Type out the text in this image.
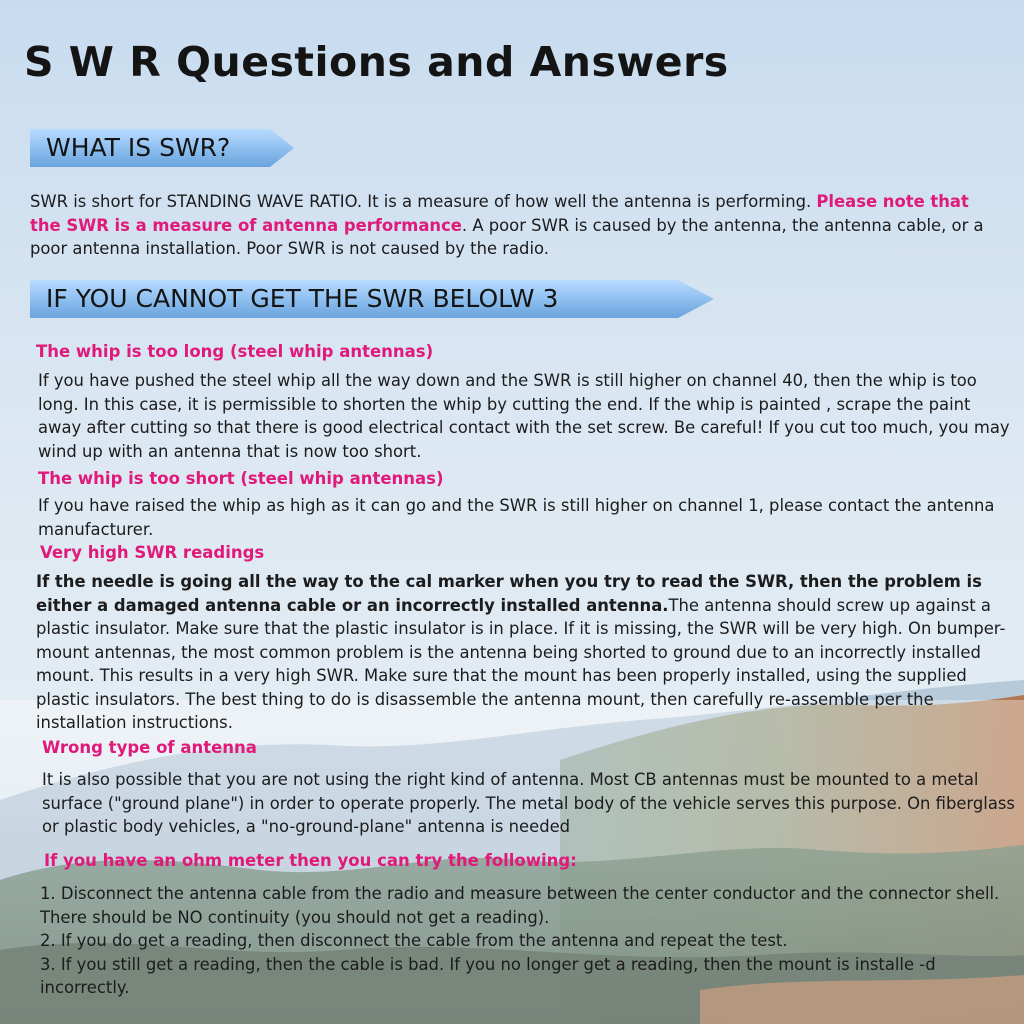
S W R Questions and Answers
WHAT IS SWR?

SWR is short for STANDING WAVE RATIO. It is a measure of how well the antenna is performing. Please note that the SWR is a measure of antenna performance. A poor SWR is caused by the antenna, the antenna cable, or a poor antenna installation. Poor SWR is not caused by the radio.

IF YOU CANNOT GET THE SWR BELOLW 3
The whip is too long (steel whip antennas)

If you have pushed the steel whip all the way down and the SWR is still higher on channel 40, then the whip is too long. In this case, it is permissible to shorten the whip by cutting the end. If the whip is painted , scrape the paint away after cutting so that there is good electrical contact with the set screw. Be careful! If you cut too much, you may wind up with an antenna that is now too short.

The whip is too short (steel whip antennas)

If you have raised the whip as high as it can go and the SWR is still higher on channel 1, please contact the antenna manufacturer.

Very high SWR readings

If the needle is going all the way to the cal marker when you try to read the SWR, then the problem is either a damaged antenna cable or an incorrectly installed antenna.The antenna should screw up against a plastic insulator. Make sure that the plastic insulator is in place. If it is missing, the SWR will be very high. On bumper-mount antennas, the most common problem is the antenna being shorted to ground due to an incorrectly installed mount. This results in a very high SWR. Make sure that the mount has been properly installed, using the supplied plastic insulators. The best thing to do is disassemble the antenna mount, then carefully re-assemble per the installation instructions.

Wrong type of antenna

It is also possible that you are not using the right kind of antenna. Most CB antennas must be mounted to a metal surface ("ground plane") in order to operate properly. The metal body of the vehicle serves this purpose. On fiberglass or plastic body vehicles, a "no-ground-plane" antenna is needed

If you have an ohm meter then you can try the following:
1. Disconnect the antenna cable from the radio and measure between the center conductor and the connector shell. There should be NO continuity (you should not get a reading).
2. If you do get a reading, then disconnect the cable from the antenna and repeat the test.
3. If you still get a reading, then the cable is bad. If you no longer get a reading, then the mount is installe -d incorrectly.
